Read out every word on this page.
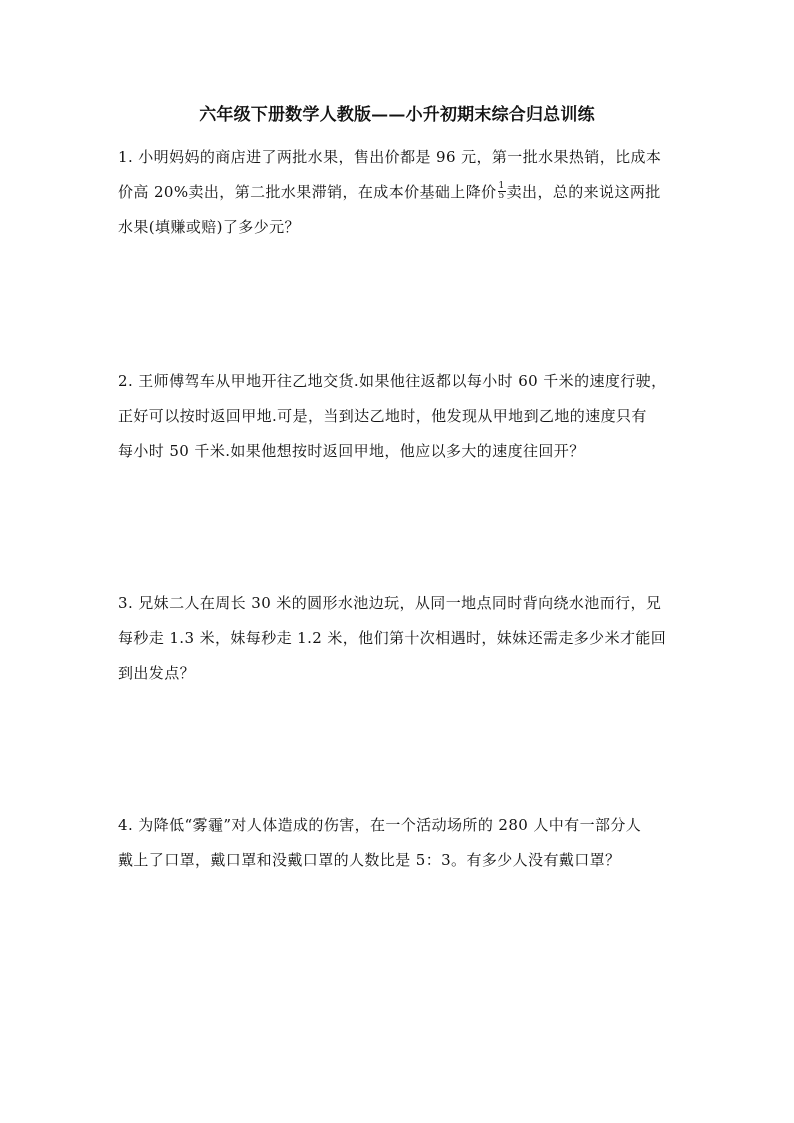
六年级下册数学人教版——小升初期末综合归总训练
1. 小明妈妈的商店进了两批水果，售出价都是 96 元，第一批水果热销，比成本
价高 20%卖出，第二批水果滞销，在成本价基础上降价 $\frac{1}{5}$ 卖出，总的来说这两批
水果(填赚或赔)了多少元？
2. 王师傅驾车从甲地开往乙地交货.如果他往返都以每小时 60 千米的速度行驶，
正好可以按时返回甲地.可是，当到达乙地时，他发现从甲地到乙地的速度只有
每小时 50 千米.如果他想按时返回甲地，他应以多大的速度往回开？
3. 兄妹二人在周长 30 米的圆形水池边玩，从同一地点同时背向绕水池而行，兄
每秒走 1.3 米，妹每秒走 1.2 米，他们第十次相遇时，妹妹还需走多少米才能回
到出发点？
4. 为降低“雾霾”对人体造成的伤害，在一个活动场所的 280 人中有一部分人
戴上了口罩，戴口罩和没戴口罩的人数比是 5：3。有多少人没有戴口罩？
